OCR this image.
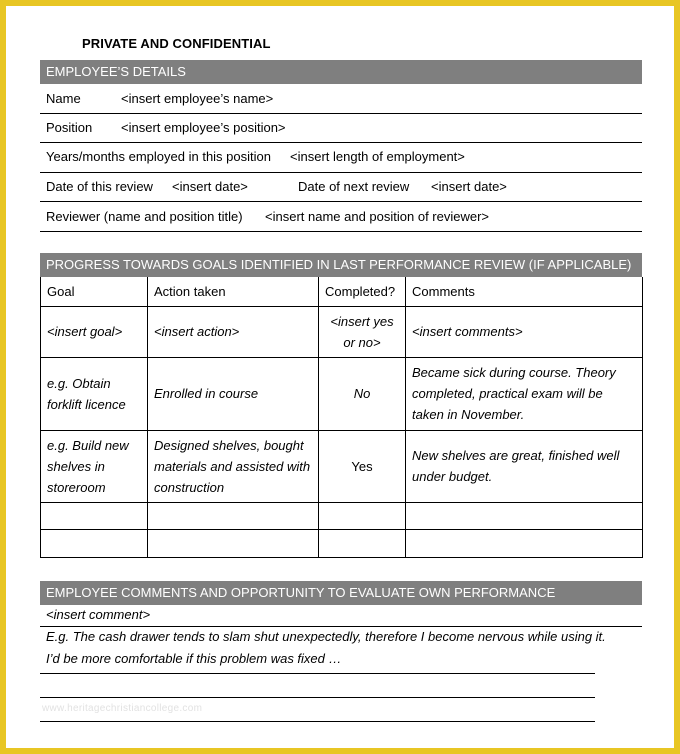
PRIVATE AND CONFIDENTIAL
EMPLOYEE’S DETAILS
Name	<insert employee’s name>
Position <insert employee’s position>
Years/months employed in this position <insert length of employment>
Date of this review <insert date>	Date of next review <insert date>
Reviewer (name and position title) <insert name and position of reviewer>
PROGRESS TOWARDS GOALS IDENTIFIED IN LAST PERFORMANCE REVIEW (IF APPLICABLE)
Goal	Action taken	Completed?	Comments
<insert goal>	<insert action>	<insert yes or no>	<insert comments>
e.g. Obtain forklift licence	Enrolled in course	No	Became sick during course. Theory completed, practical exam will be taken in November.
e.g. Build new shelves in storeroom	Designed shelves, bought materials and assisted with construction	Yes	New shelves are great, finished well under budget.

EMPLOYEE COMMENTS AND OPPORTUNITY TO EVALUATE OWN PERFORMANCE
<insert comment>
E.g. The cash drawer tends to slam shut unexpectedly, therefore I become nervous while using it. I’d be more comfortable if this problem was fixed …
www.heritagechristiancollege.com
